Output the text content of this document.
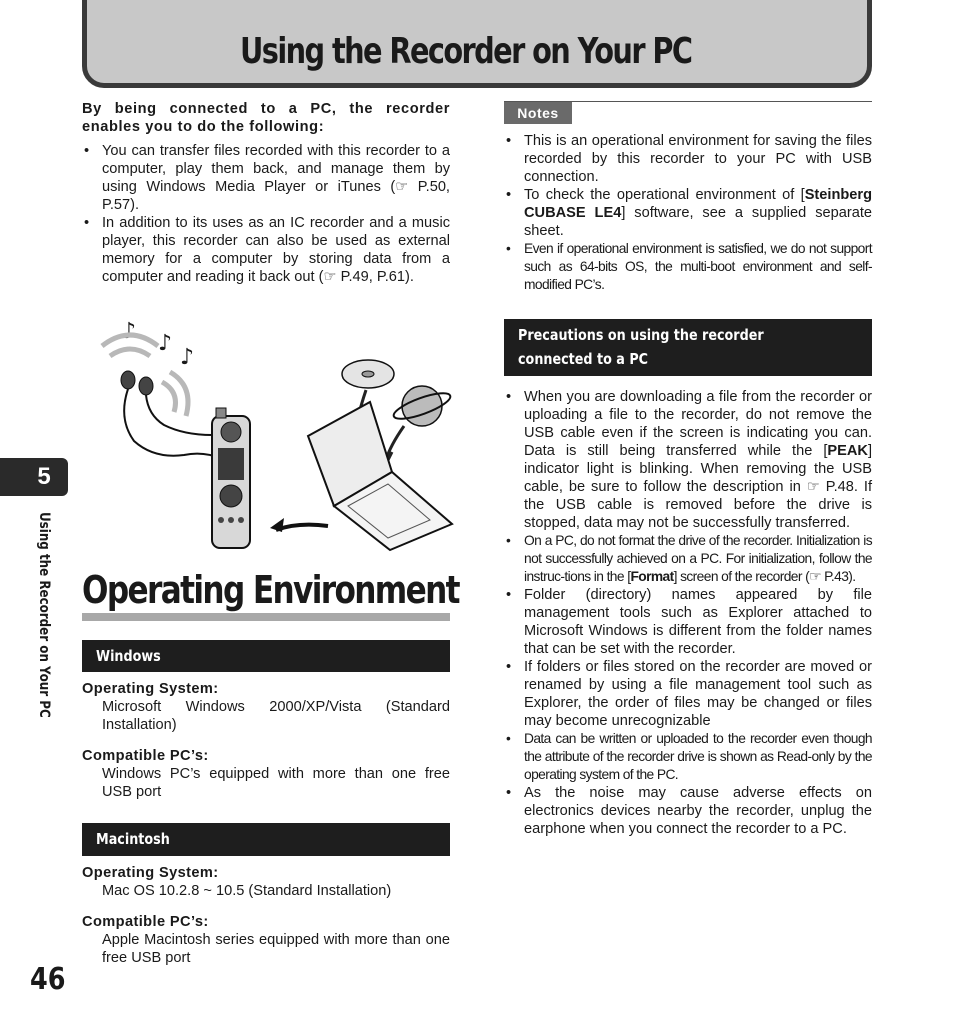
Using the Recorder on Your PC
5
Using the Recorder on Your PC
46

By being connected to a PC, the recorder enables you to do the following:

• You can transfer files recorded with this recorder to a computer, play them back, and manage them by using Windows Media Player or iTunes (☞ P.50, P.57).
• In addition to its uses as an IC recorder and a music player, this recorder can also be used as external memory for a computer by storing data from a computer and reading it back out (☞ P.49, P.61).
♪ ♪
♪
Operating Environment
Windows
Operating System:
Microsoft Windows 2000/XP/Vista (Standard Installation)
Compatible PC’s:
Windows PC’s equipped with more than one free USB port
Macintosh
Operating System:
Mac OS 10.2.8 ~ 10.5 (Standard Installation)
Compatible PC’s:
Apple Macintosh series equipped with more than one free USB port
Notes
• This is an operational environment for saving the files recorded by this recorder to your PC with USB connection.
• To check the operational environment of [Steinberg CUBASE LE4] software, see a supplied separate sheet.
• Even if operational environment is satisfied, we do not support such as 64-bits OS, the multi-boot environment and self-modified PC’s.
Precautions on using the recorder
connected to a PC
• When you are downloading a file from the recorder or uploading a file to the recorder, do not remove the USB cable even if the screen is indicating you can. Data is still being transferred while the [PEAK] indicator light is blinking. When removing the USB cable, be sure to follow the description in ☞ P.48. If the USB cable is removed before the drive is stopped, data may not be successfully transferred.
• On a PC, do not format the drive of the recorder. Initialization is not successfully achieved on a PC. For initialization, follow the instruc-tions in the [Format] screen of the recorder (☞ P.43).
• Folder (directory) names appeared by file management tools such as Explorer attached to Microsoft Windows is different from the folder names that can be set with the recorder.
• If folders or files stored on the recorder are moved or renamed by using a file management tool such as Explorer, the order of files may be changed or files may become unrecognizable
• Data can be written or uploaded to the recorder even though the attribute of the recorder drive is shown as Read-only by the operating system of the PC.
• As the noise may cause adverse effects on electronics devices nearby the recorder, unplug the earphone when you connect the recorder to a PC.
